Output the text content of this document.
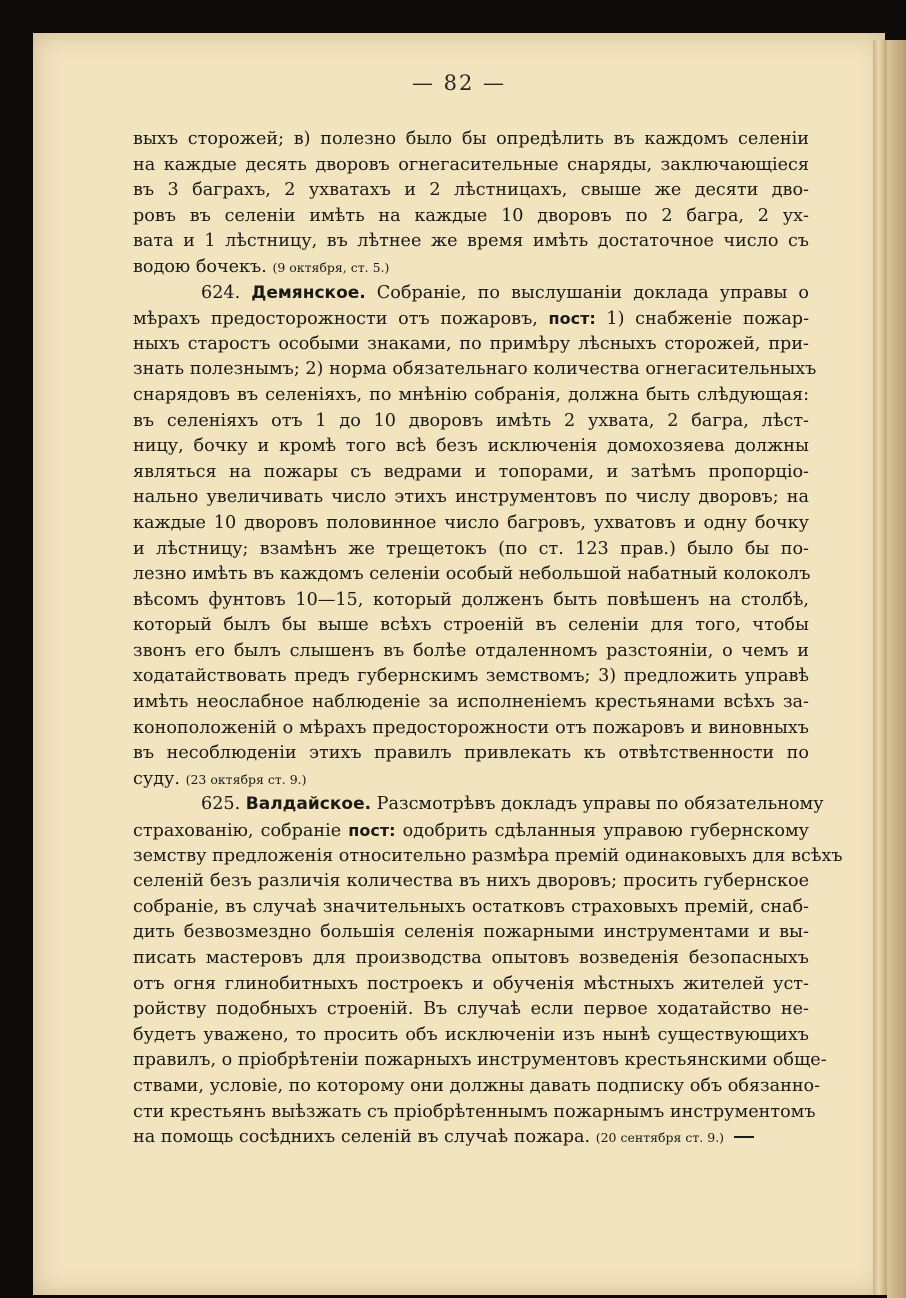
— 82 —
выхъ сторожей; в) полезно было бы опредѣлить въ каждомъ селеніи
на каждые десять дворовъ огнегасительные снаряды, заключающіеся
въ 3 баграхъ, 2 ухватахъ и 2 лѣстницахъ, свыше же десяти дво-
ровъ въ селеніи имѣть на каждые 10 дворовъ по 2 багра, 2 ух-
вата и 1 лѣстницу, въ лѣтнее же время имѣть достаточное число съ
водою бочекъ. (9 октября, ст. 5.)
624. Демянское. Собраніе, по выслушаніи доклада управы о
мѣрахъ предосторожности отъ пожаровъ, пост: 1) снабженіе пожар-
ныхъ старостъ особыми знаками, по примѣру лѣсныхъ сторожей, при-
знать полезнымъ; 2) норма обязательнаго количества огнегасительныхъ
снарядовъ въ селеніяхъ, по мнѣнію собранія, должна быть слѣдующая:
въ селеніяхъ отъ 1 до 10 дворовъ имѣть 2 ухвата, 2 багра, лѣст-
ницу, бочку и кромѣ того всѣ безъ исключенія домохозяева должны
являться на пожары съ ведрами и топорами, и затѣмъ пропорціо-
нально увеличивать число этихъ инструментовъ по числу дворовъ; на
каждые 10 дворовъ половинное число багровъ, ухватовъ и одну бочку
и лѣстницу; взамѣнъ же трещетокъ (по ст. 123 прав.) было бы по-
лезно имѣть въ каждомъ селеніи особый небольшой набатный колоколъ
вѣсомъ фунтовъ 10—15, который долженъ быть повѣшенъ на столбѣ,
который былъ бы выше всѣхъ строеній въ селеніи для того, чтобы
звонъ его былъ слышенъ въ болѣе отдаленномъ разстояніи, о чемъ и
ходатайствовать предъ губернскимъ земствомъ; 3) предложить управѣ
имѣть неослабное наблюденіе за исполненіемъ крестьянами всѣхъ за-
конoположеній о мѣрахъ предосторожности отъ пожаровъ и виновныхъ
въ несоблюденіи этихъ правилъ привлекать къ отвѣтственности по
суду. (23 октября ст. 9.)
625. Валдайское. Разсмотрѣвъ докладъ управы по обязательному
страхованію, собраніе пост: одобрить сдѣланныя управою губернскому
земству предложенія относительно размѣра премій одинаковыхъ для всѣхъ
селеній безъ различія количества въ нихъ дворовъ; просить губернское
собраніе, въ случаѣ значительныхъ остатковъ страховыхъ премій, снаб-
дить безвозмездно большія селенія пожарными инструментами и вы-
писать мастеровъ для производства опытовъ возведенія безопасныхъ
отъ огня глинобитныхъ построекъ и обученія мѣстныхъ жителей уст-
ройству подобныхъ строеній. Въ случаѣ если первое ходатайство не-
будетъ уважено, то просить объ исключеніи изъ нынѣ существующихъ
правилъ, о пріобрѣтеніи пожарныхъ инструментовъ крестьянскими обще-
ствами, условіе, по которому они должны давать подписку объ обязанно-
сти крестьянъ выѣзжать съ пріобрѣтеннымъ пожарнымъ инструментомъ
на помощь сосѣднихъ селеній въ случаѣ пожара. (20 сентября ст. 9.)
